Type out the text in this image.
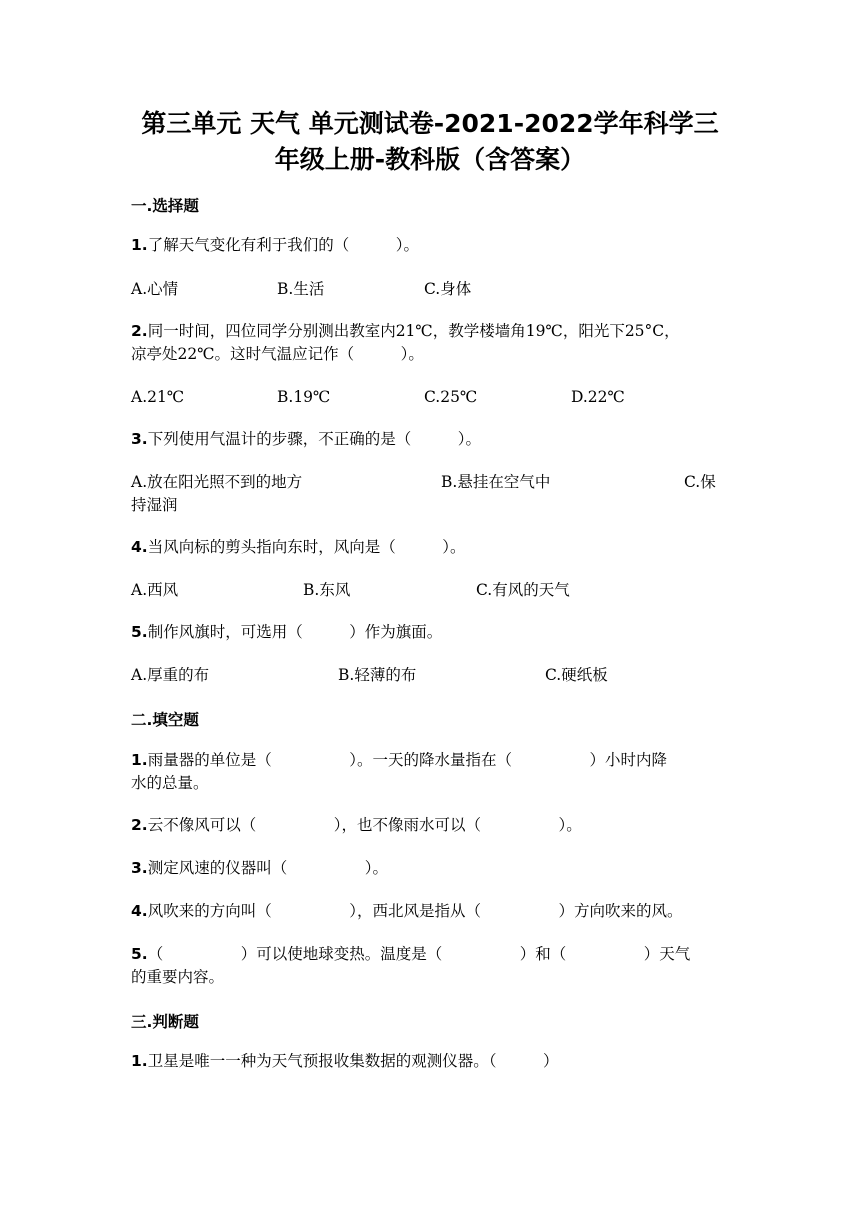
第三单元 天气 单元测试卷-2021-2022学年科学三
年级上册-教科版（含答案）
一.选择题
1.了解天气变化有利于我们的（　　　）。
A.心情	B.生活	C.身体
2.同一时间，四位同学分别测出教室内21℃，教学楼墙角19℃，阳光下25°C，
凉亭处22℃。这时气温应记作（　　　）。
A.21℃	B.19℃	C.25℃	D.22℃
3.下列使用气温计的步骤，不正确的是（　　　）。
A.放在阳光照不到的地方	B.悬挂在空气中	C.保
持湿润
4.当风向标的剪头指向东时，风向是（　　　）。
A.西风	B.东风	C.有风的天气
5.制作风旗时，可选用（　　　）作为旗面。
A.厚重的布	B.轻薄的布	C.硬纸板
二.填空题
1.雨量器的单位是（　　　　　）。一天的降水量指在（　　　　　）小时内降
水的总量。
2.云不像风可以（　　　　　），也不像雨水可以（　　　　　）。
3.测定风速的仪器叫（　　　　　）。
4.风吹来的方向叫（　　　　　），西北风是指从（　　　　　）方向吹来的风。
5.（　　　　　）可以使地球变热。温度是（　　　　　）和（　　　　　）天气
的重要内容。
三.判断题
1.卫星是唯一一种为天气预报收集数据的观测仪器。（　　　）
